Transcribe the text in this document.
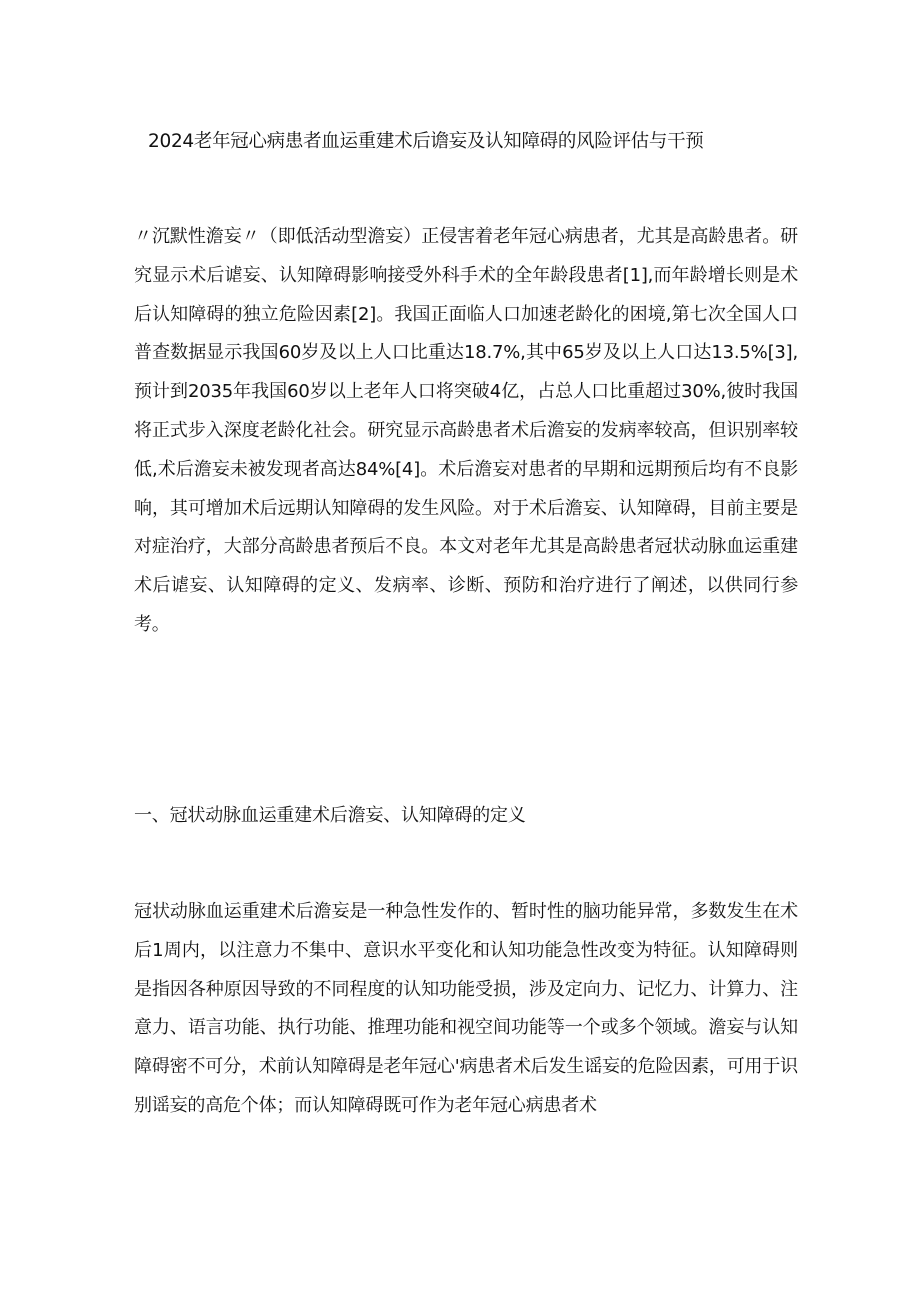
2024老年冠心病患者血运重建术后谵妄及认知障碍的风险评估与干预
〃沉默性澹妄〃（即低活动型澹妄）正侵害着老年冠心病患者，尤其是高龄患者。研究显示术后谑妄、认知障碍影响接受外科手术的全年龄段患者[1],而年龄增长则是术后认知障碍的独立危险因素[2]。我国正面临人口加速老龄化的困境,第七次全国人口普查数据显示我国60岁及以上人口比重达18.7%,其中65岁及以上人口达13.5%[3],预计到2035年我国60岁以上老年人口将突破4亿，占总人口比重超过30%,彼时我国将正式步入深度老龄化社会。研究显示高龄患者术后澹妄的发病率较高，但识别率较低,术后澹妄未被发现者高达84%[4]。术后澹妄对患者的早期和远期预后均有不良影响，其可增加术后远期认知障碍的发生风险。对于术后澹妄、认知障碍，目前主要是对症治疗，大部分高龄患者预后不良。本文对老年尤其是高龄患者冠状动脉血运重建术后谑妄、认知障碍的定义、发病率、诊断、预防和治疗进行了阐述，以供同行参考。
一、冠状动脉血运重建术后澹妄、认知障碍的定义
冠状动脉血运重建术后澹妄是一种急性发作的、暂时性的脑功能异常，多数发生在术后1周内，以注意力不集中、意识水平变化和认知功能急性改变为特征。认知障碍则是指因各种原因导致的不同程度的认知功能受损，涉及定向力、记忆力、计算力、注意力、语言功能、执行功能、推理功能和视空间功能等一个或多个领域。澹妄与认知障碍密不可分，术前认知障碍是老年冠心'病患者术后发生谣妄的危险因素，可用于识别谣妄的高危个体；而认知障碍既可作为老年冠心病患者术
